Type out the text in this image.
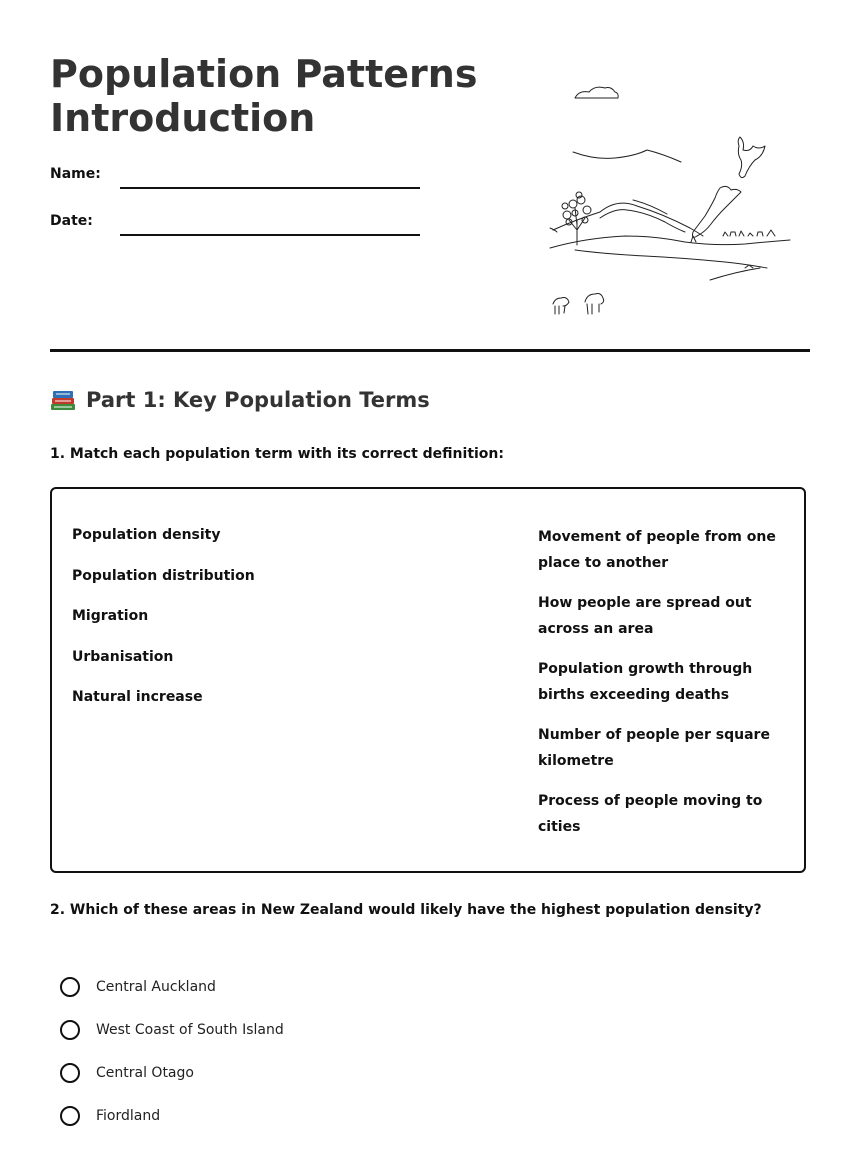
Population Patterns
Introduction
Name:
Date:
Part 1: Key Population Terms

1. Match each population term with its correct definition:

Population density
Population distribution
Migration
Urbanisation
Natural increase
Movement of people from one place to another
How people are spread out across an area
Population growth through births exceeding deaths
Number of people per square kilometre
Process of people moving to cities

2. Which of these areas in New Zealand would likely have the highest population density?

Central Auckland
West Coast of South Island
Central Otago
Fiordland
